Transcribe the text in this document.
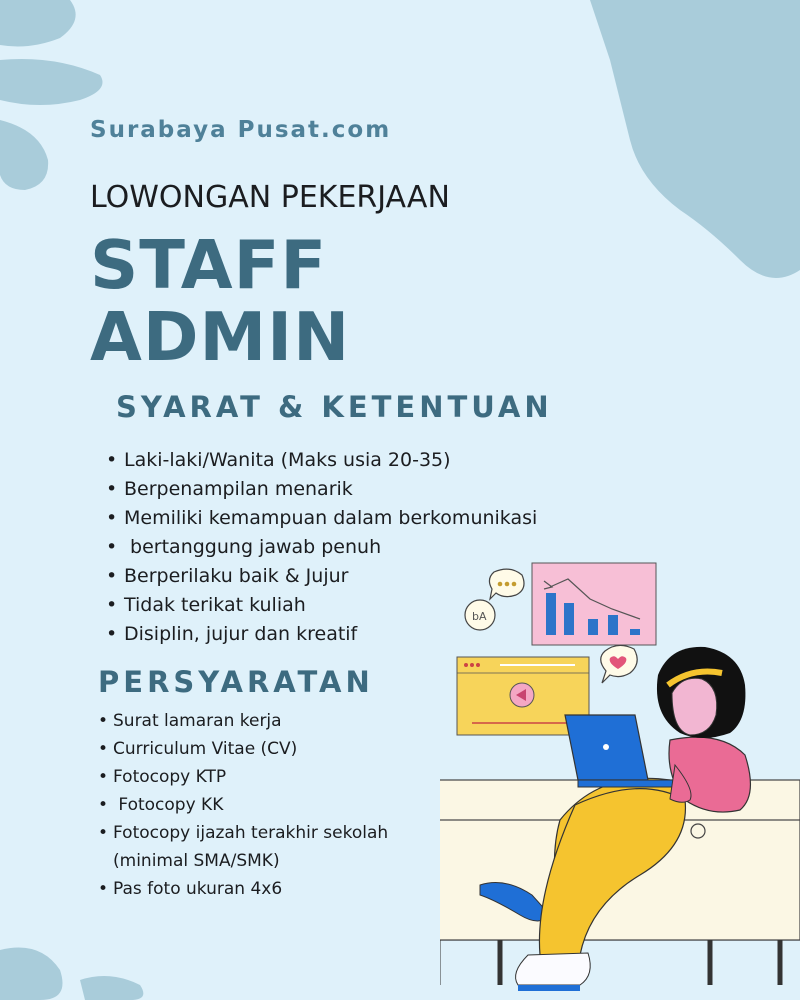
Surabaya Pusat.com
LOWONGAN PEKERJAAN
STAFF
ADMIN
SYARAT & KETENTUAN
• Laki-laki/Wanita (Maks usia 20-35)
• Berpenampilan menarik
• Memiliki kemampuan dalam berkomunikasi
•  bertanggung jawab penuh
• Berperilaku baik & Jujur
• Tidak terikat kuliah
• Disiplin, jujur dan kreatif
PERSYARATAN
• Surat lamaran kerja
• Curriculum Vitae (CV)
• Fotocopy KTP
•  Fotocopy KK
• Fotocopy ijazah terakhir sekolah
(minimal SMA/SMK)
• Pas foto ukuran 4x6
bA
